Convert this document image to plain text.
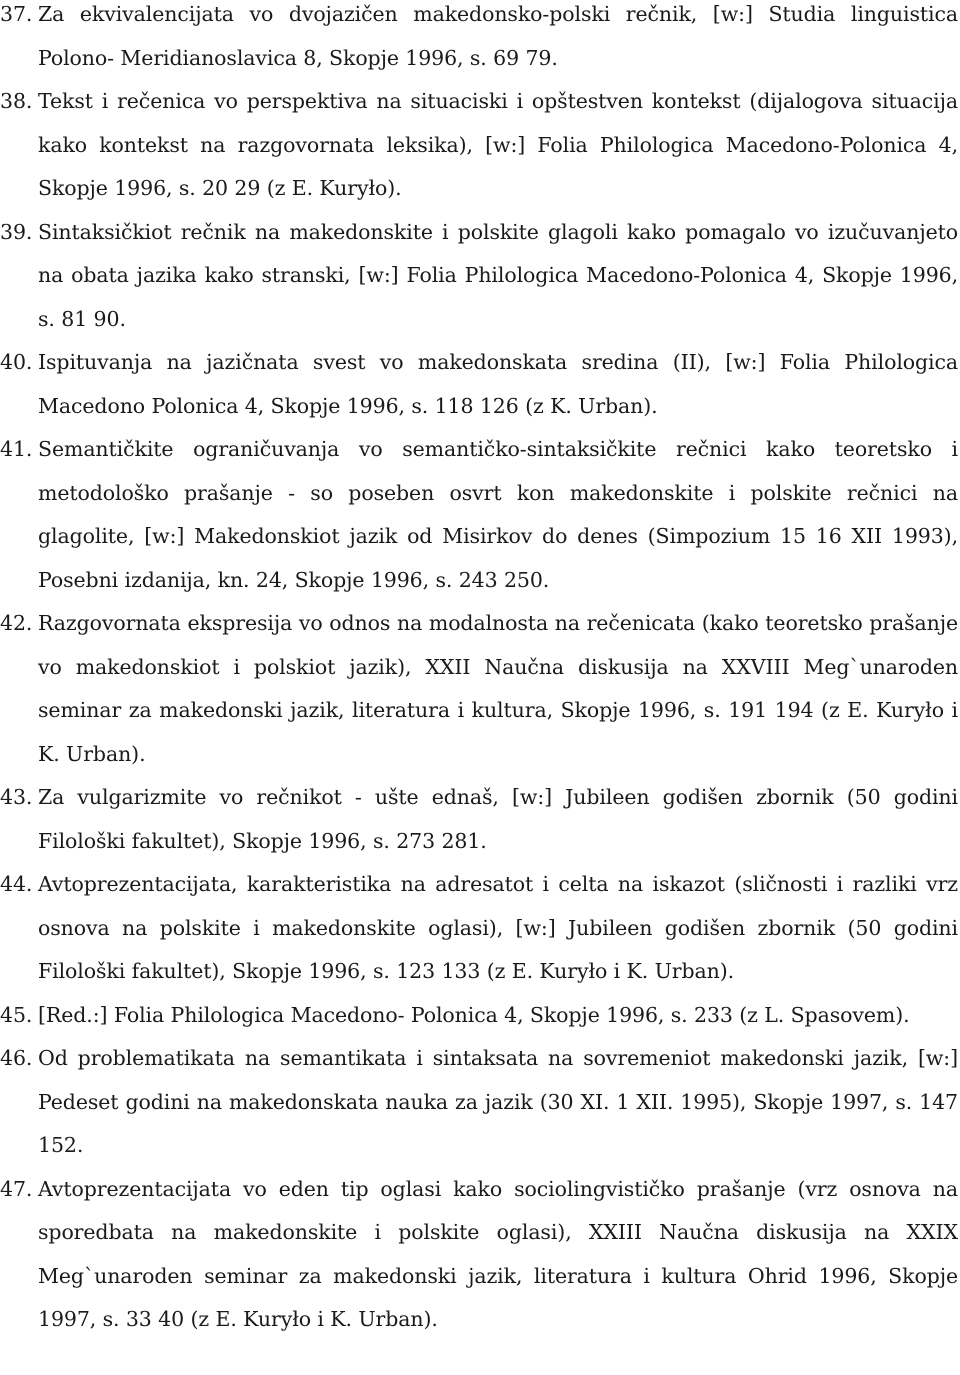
37. Za ekvivalencijata vo dvojazičen makedonsko-polski rečnik, [w:] Studia linguistica Polono- Meridianoslavica 8, Skopje 1996, s. 69 79.
38. Tekst i rečenica vo perspektiva na situaciski i opštestven kontekst (dijalogova situacija kako kontekst na razgovornata leksika), [w:] Folia Philologica Macedono-Polonica 4, Skopje 1996, s. 20 29 (z E. Kuryło).
39. Sintaksičkiot rečnik na makedonskite i polskite glagoli kako pomagalo vo izučuvanjeto na obata jazika kako stranski, [w:] Folia Philologica Macedono-Polonica 4, Skopje 1996, s. 81 90.
40. Ispituvanja na jazičnata svest vo makedonskata sredina (II), [w:] Folia Philologica Macedono Polonica 4, Skopje 1996, s. 118 126 (z K. Urban).
41. Semantičkite ograničuvanja vo semantičko-sintaksičkite rečnici kako teoretsko i metodološko prašanje - so poseben osvrt kon makedonskite i polskite rečnici na glagolite, [w:] Makedonskiot jazik od Misirkov do denes (Simpozium 15 16 XII 1993), Posebni izdanija, kn. 24, Skopje 1996, s. 243 250.
42. Razgovornata ekspresija vo odnos na modalnosta na rečenicata (kako teoretsko prašanje vo makedonskiot i polskiot jazik), XXII Naučna diskusija na XXVIII Meg`unaroden seminar za makedonski jazik, literatura i kultura, Skopje 1996, s. 191 194 (z E. Kuryło i K. Urban).
43. Za vulgarizmite vo rečnikot - ušte ednaš, [w:] Jubileen godišen zbornik (50 godini Filološki fakultet), Skopje 1996, s. 273 281.
44. Avtoprezentacijata, karakteristika na adresatot i celta na iskazot (sličnosti i razliki vrz osnova na polskite i makedonskite oglasi), [w:] Jubileen godišen zbornik (50 godini Filološki fakultet), Skopje 1996, s. 123 133 (z E. Kuryło i K. Urban).
45. [Red.:] Folia Philologica Macedono- Polonica 4, Skopje 1996, s. 233 (z L. Spasovem).
46. Od problematikata na semantikata i sintaksata na sovremeniot makedonski jazik, [w:] Pedeset godini na makedonskata nauka za jazik (30 XI. 1 XII. 1995), Skopje 1997, s. 147 152.
47. Avtoprezentacijata vo eden tip oglasi kako sociolingvističko prašanje (vrz osnova na sporedbata na makedonskite i polskite oglasi), XXIII Naučna diskusija na XXIX Meg`unaroden seminar za makedonski jazik, literatura i kultura Ohrid 1996, Skopje 1997, s. 33 40 (z E. Kuryło i K. Urban).
